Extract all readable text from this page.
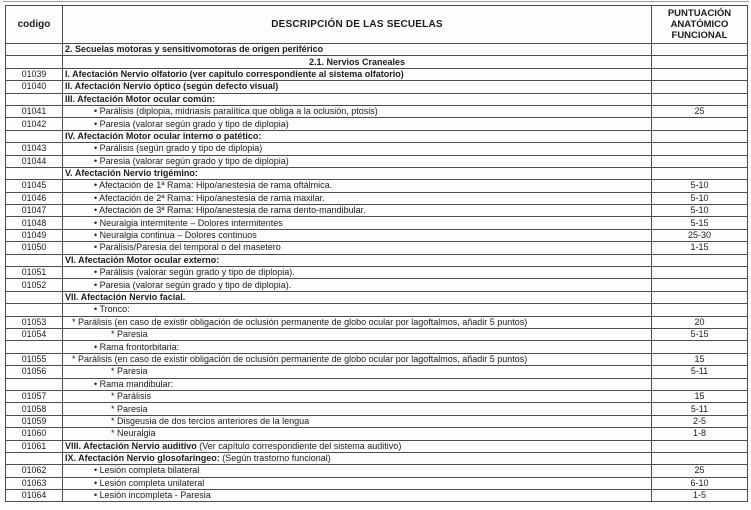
codigo	DESCRIPCIÓN DE LAS SECUELAS	PUNTUACIÓN ANATÓMICO FUNCIONAL
	2. Secuelas motoras y sensitivomotoras de origen periférico	
	2.1. Nervios Craneales	
01039	I. Afectación Nervio olfatorio (ver capitulo correspondiente al sistema olfatorio)	
01040	II. Afectación Nervio óptico (según defecto visual)	
	III. Afectación Motor ocular común:	
01041	• Parálisis (diplopia, midriasis paralítica que obliga a la oclusión, ptosis)	25
01042	• Paresia (valorar según grado y tipo de diplopia)	
	IV. Afectación Motor ocular interno o patético:	
01043	• Parálisis (según grado y tipo de diplopia)	
01044	• Paresia (valorar según grado y tipo de diplopia)	
	V. Afectación Nervio trigémino:	
01045	• Afectación de 1ª Rama: Hipo/anestesia de rama oftálmica.	5-10
01046	• Afectación de 2ª Rama: Hipo/anestesia de rama maxilar.	5-10
01047	• Afectación de 3ª Rama: Hipo/anestesia de rama dento-mandibular.	5-10
01048	• Neuralgia intermitente – Dolores intermitentes	5-15
01049	• Neuralgia continua – Dolores continuos	25-30
01050	• Parálisis/Paresia del temporal o del masetero	1-15
	VI. Afectación Motor ocular externo:	
01051	• Parálisis (valorar según grado y tipo de diplopia).	
01052	• Paresia (valorar según grado y tipo de diplopia).	
	VII. Afectación Nervio facial.	
	• Tronco:	
01053	* Parálisis (en caso de existir obligación de oclusión permanente de globo ocular por lagoftalmos, añadir 5 puntos)	20
01054	* Paresia	5-15
	• Rama frontorbitaria:	
01055	* Parálisis (en caso de existir obligación de oclusión permanente de globo ocular por lagoftalmos, añadir 5 puntos)	15
01056	* Paresia	5-11
	• Rama mandibular:	
01057	* Parálisis	15
01058	* Paresia	5-11
01059	* Disgeusia de dos tercios anteriores de la lengua	2-5
01060	* Neuralgia	1-8
01061	VIII. Afectación Nervio auditivo (Ver capítulo correspondiente del sistema auditivo)	
	IX. Afectación Nervio glosofaringeo: (Según trastorno funcional)	
01062	• Lesión completa bilateral	25
01063	• Lesión completa unilateral	6-10
01064	• Lesión incompleta - Paresia	1-5
